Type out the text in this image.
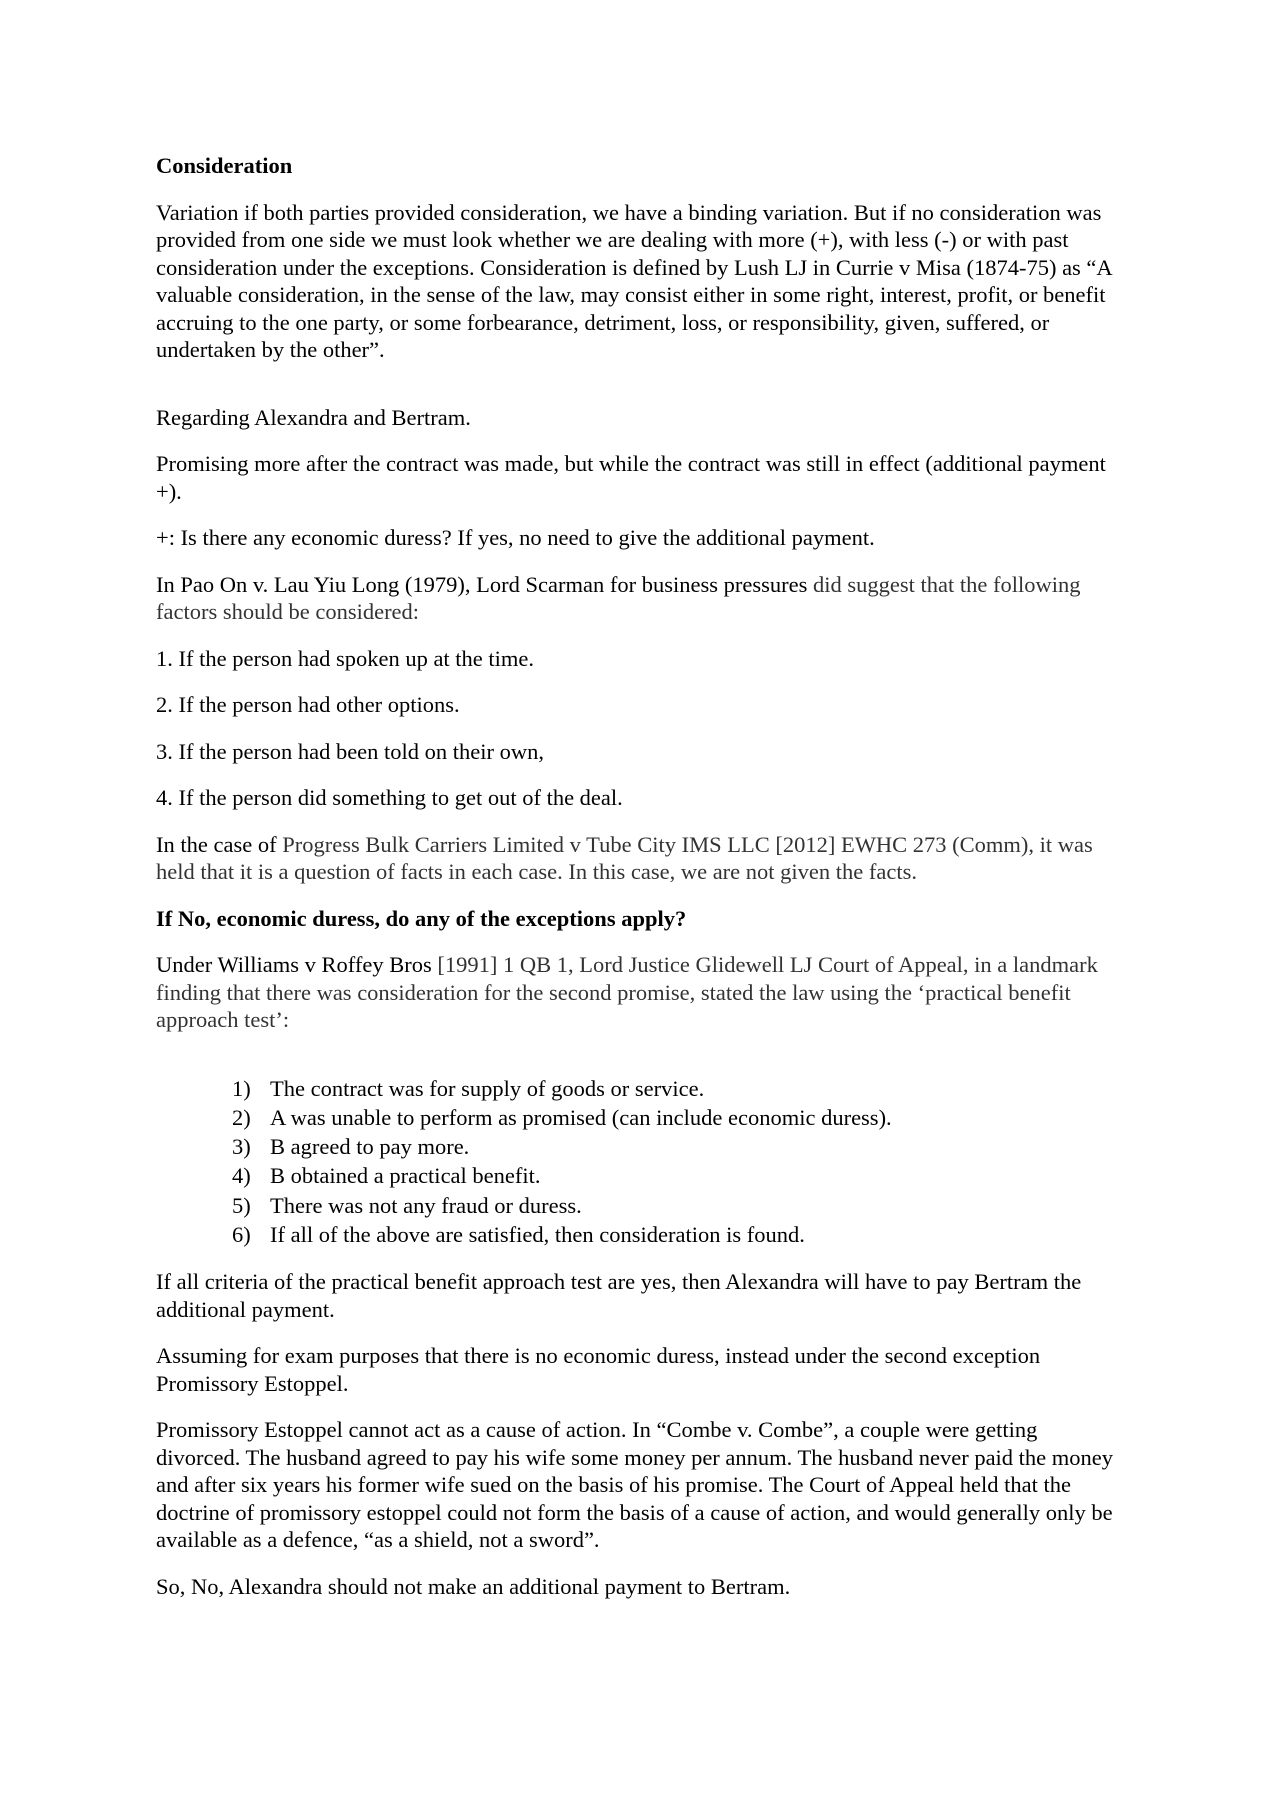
Consideration

Variation if both parties provided consideration, we have a binding variation. But if no consideration was provided from one side we must look whether we are dealing with more (+), with less (-) or with past consideration under the exceptions. Consideration is defined by Lush LJ in Currie v Misa (1874-75) as “A valuable consideration, in the sense of the law, may consist either in some right, interest, profit, or benefit accruing to the one party, or some forbearance, detriment, loss, or responsibility, given, suffered, or undertaken by the other”.

Regarding Alexandra and Bertram.

Promising more after the contract was made, but while the contract was still in effect (additional payment +).

+: Is there any economic duress? If yes, no need to give the additional payment.

In Pao On v. Lau Yiu Long (1979), Lord Scarman for business pressures did suggest that the following factors should be considered:

1. If the person had spoken up at the time.

2. If the person had other options.

3. If the person had been told on their own,

4. If the person did something to get out of the deal.

In the case of Progress Bulk Carriers Limited v Tube City IMS LLC [2012] EWHC 273 (Comm), it was held that it is a question of facts in each case. In this case, we are not given the facts.

If No, economic duress, do any of the exceptions apply?

Under Williams v Roffey Bros [1991] 1 QB 1, Lord Justice Glidewell LJ Court of Appeal, in a landmark finding that there was consideration for the second promise, stated the law using the ‘practical benefit approach test’:

1) The contract was for supply of goods or service.
2) A was unable to perform as promised (can include economic duress).
3) B agreed to pay more.
4) B obtained a practical benefit.
5) There was not any fraud or duress.
6) If all of the above are satisfied, then consideration is found.

If all criteria of the practical benefit approach test are yes, then Alexandra will have to pay Bertram the additional payment.

Assuming for exam purposes that there is no economic duress, instead under the second exception Promissory Estoppel.

Promissory Estoppel cannot act as a cause of action. In “Combe v. Combe”, a couple were getting divorced. The husband agreed to pay his wife some money per annum. The husband never paid the money and after six years his former wife sued on the basis of his promise. The Court of Appeal held that the doctrine of promissory estoppel could not form the basis of a cause of action, and would generally only be available as a defence, “as a shield, not a sword”.

So, No, Alexandra should not make an additional payment to Bertram.
